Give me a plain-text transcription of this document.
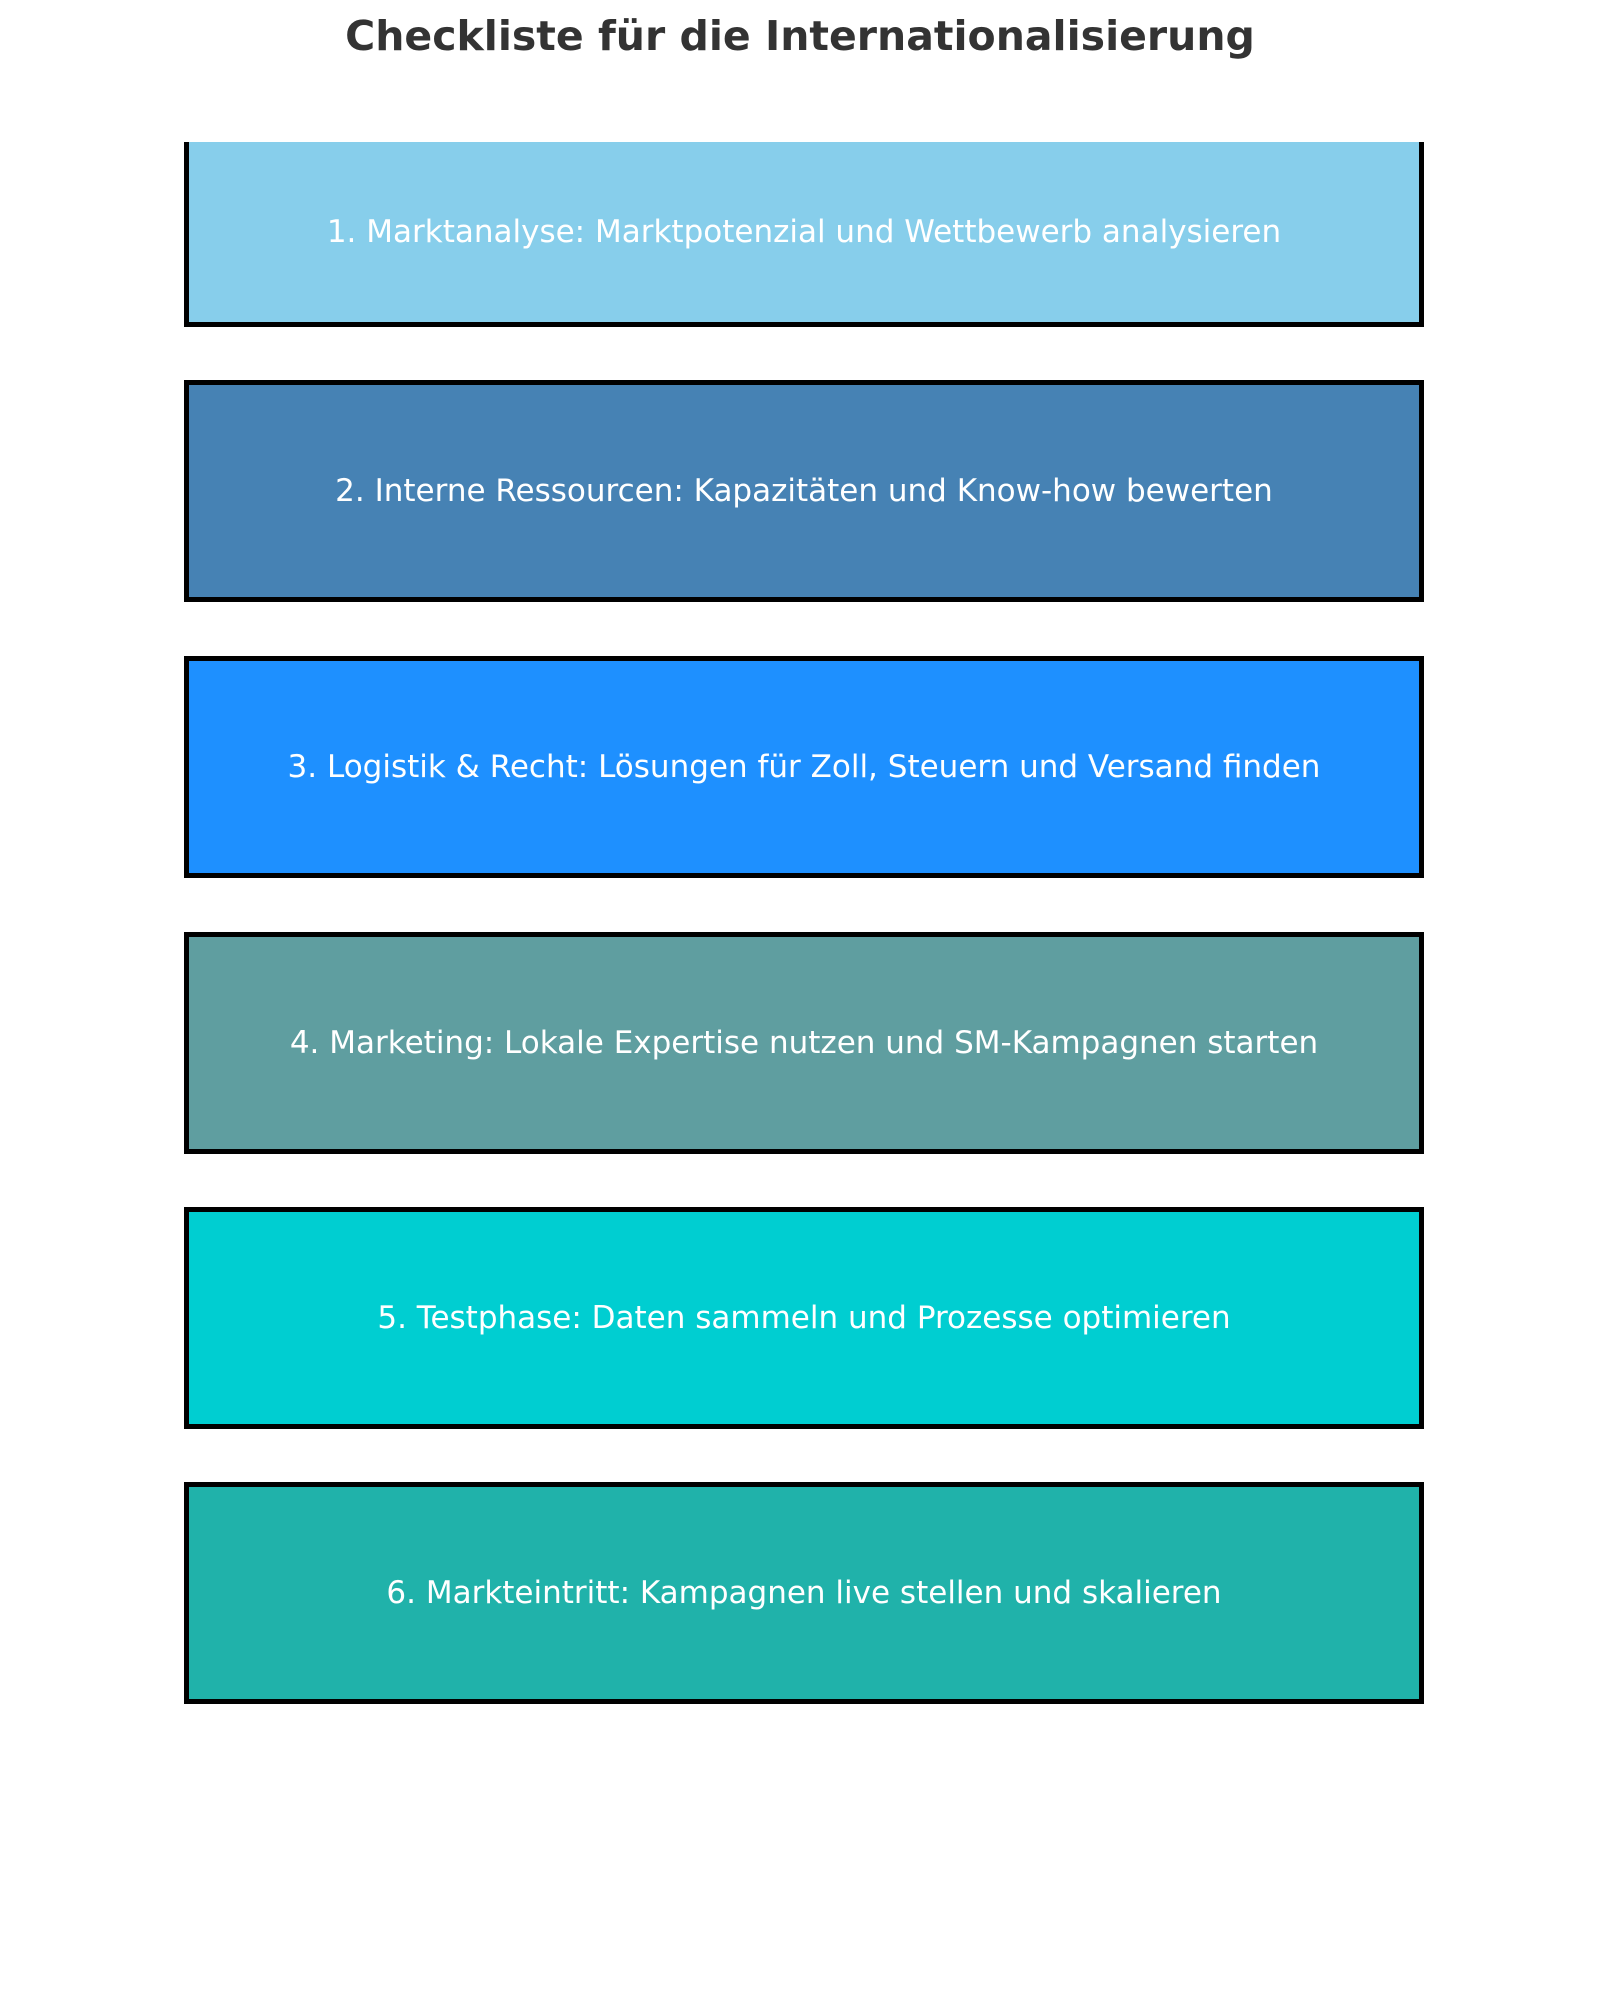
Checkliste für die Internationalisierung
1. Marktanalyse: Marktpotenzial und Wettbewerb analysieren
2. Interne Ressourcen: Kapazitäten und Know-how bewerten
3. Logistik & Recht: Lösungen für Zoll, Steuern und Versand finden
4. Marketing: Lokale Expertise nutzen und SM-Kampagnen starten
5. Testphase: Daten sammeln und Prozesse optimieren
6. Markteintritt: Kampagnen live stellen und skalieren
